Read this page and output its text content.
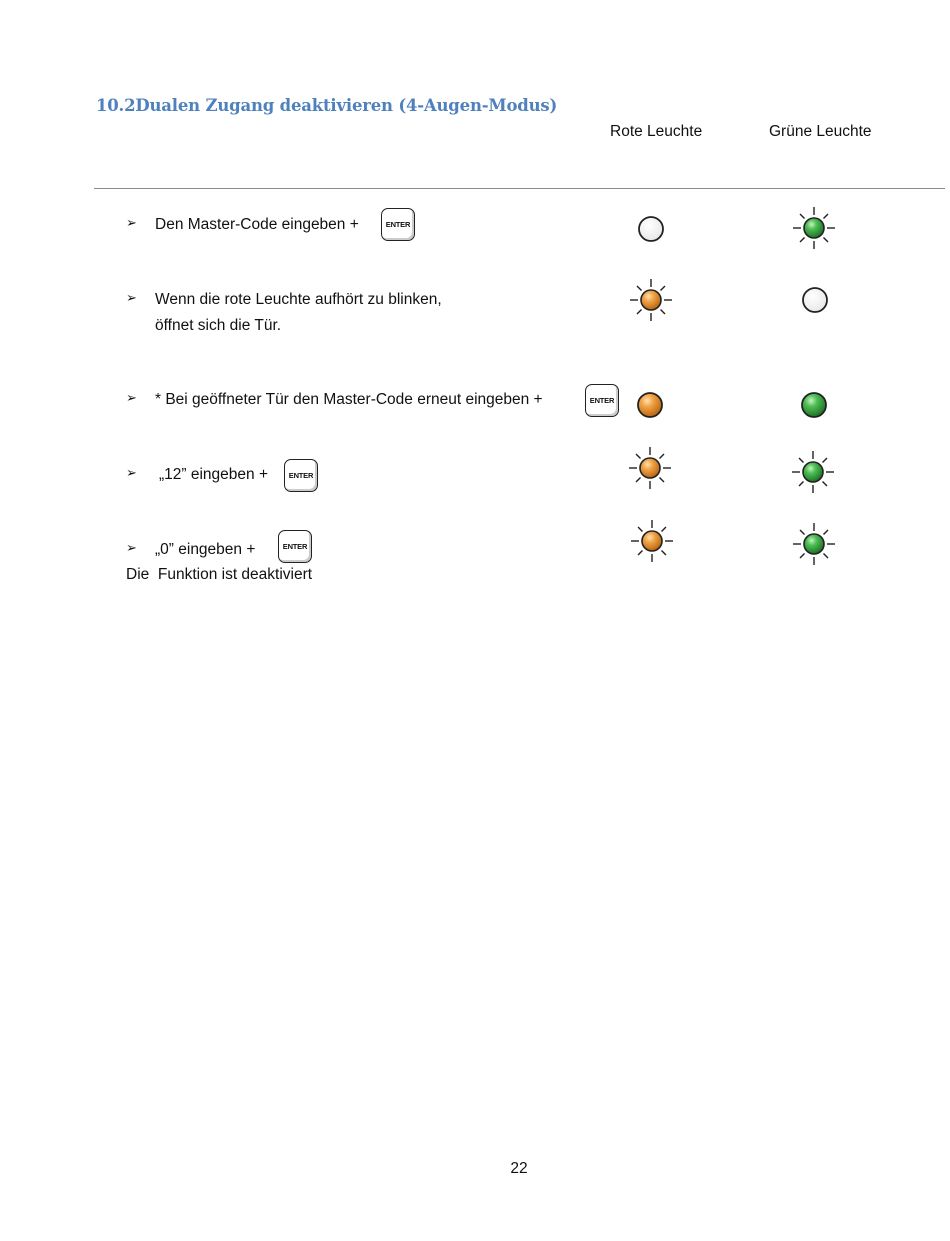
10.2Dualen Zugang deaktivieren (4-Augen-Modus)
Rote Leuchte	Grüne Leuchte
➢ Den Master-Code eingeben +	ENTER
➢ Wenn die rote Leuchte aufhört zu blinken,
öffnet sich die Tür.
➢ * Bei geöffneter Tür den Master-Code erneut eingeben +	ENTER
➢ „12” eingeben +	ENTER
➢ „0” eingeben +	ENTER
Die  Funktion ist deaktiviert
22
